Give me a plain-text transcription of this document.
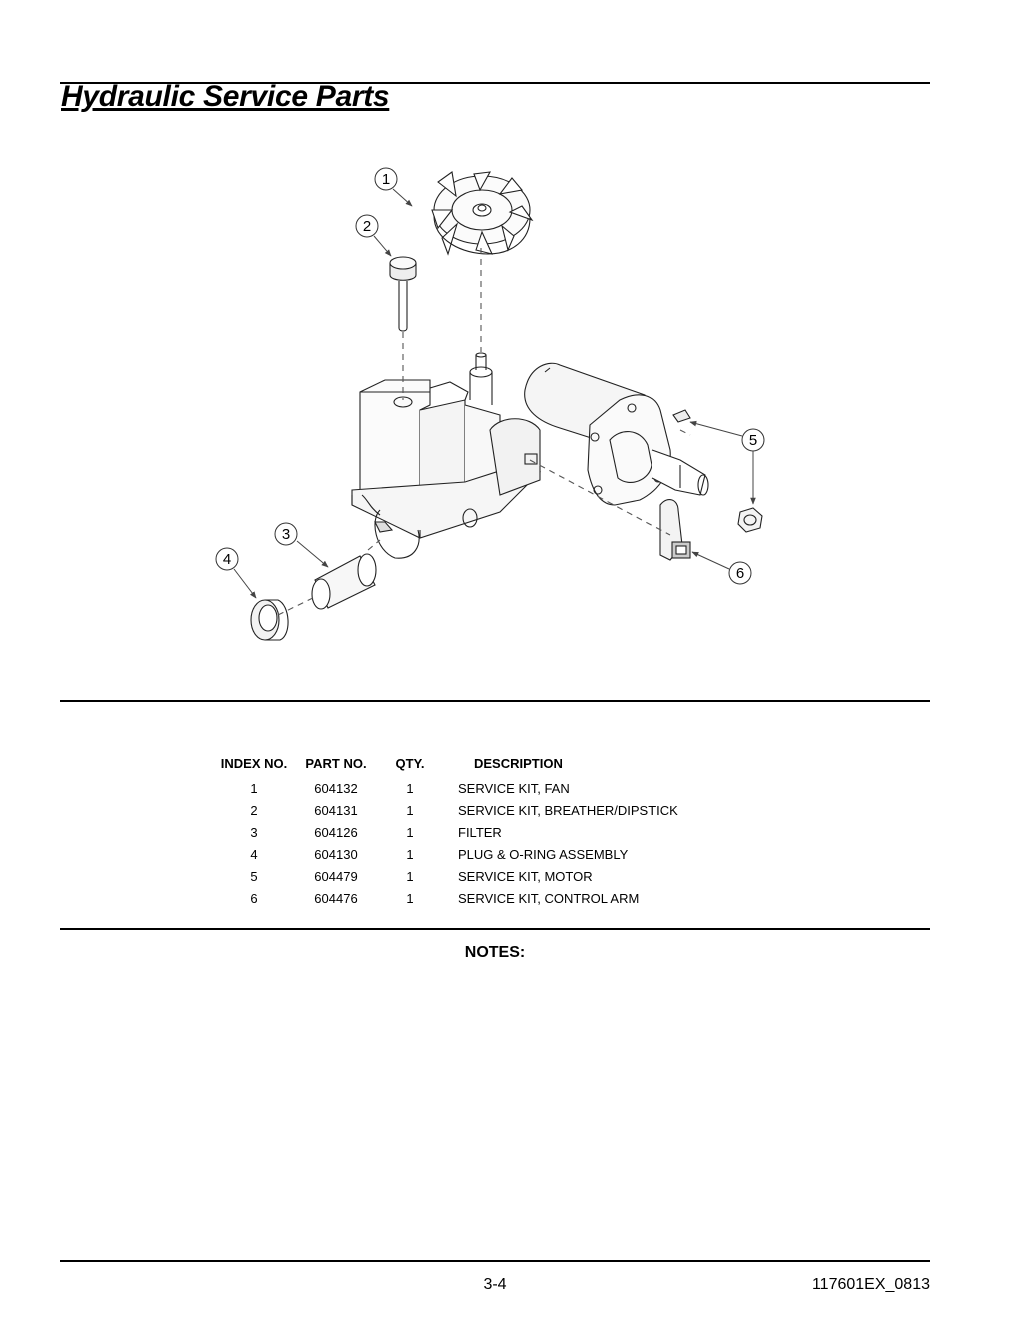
Hydraulic Service Parts
1
2
3
4
5
6
INDEX NO.	PART NO.	QTY.	DESCRIPTION
1	604132	1	SERVICE KIT, FAN
2	604131	1	SERVICE KIT, BREATHER/DIPSTICK
3	604126	1	FILTER
4	604130	1	PLUG & O-RING ASSEMBLY
5	604479	1	SERVICE KIT, MOTOR
6	604476	1	SERVICE KIT, CONTROL ARM
NOTES:
3-4	117601EX_0813
